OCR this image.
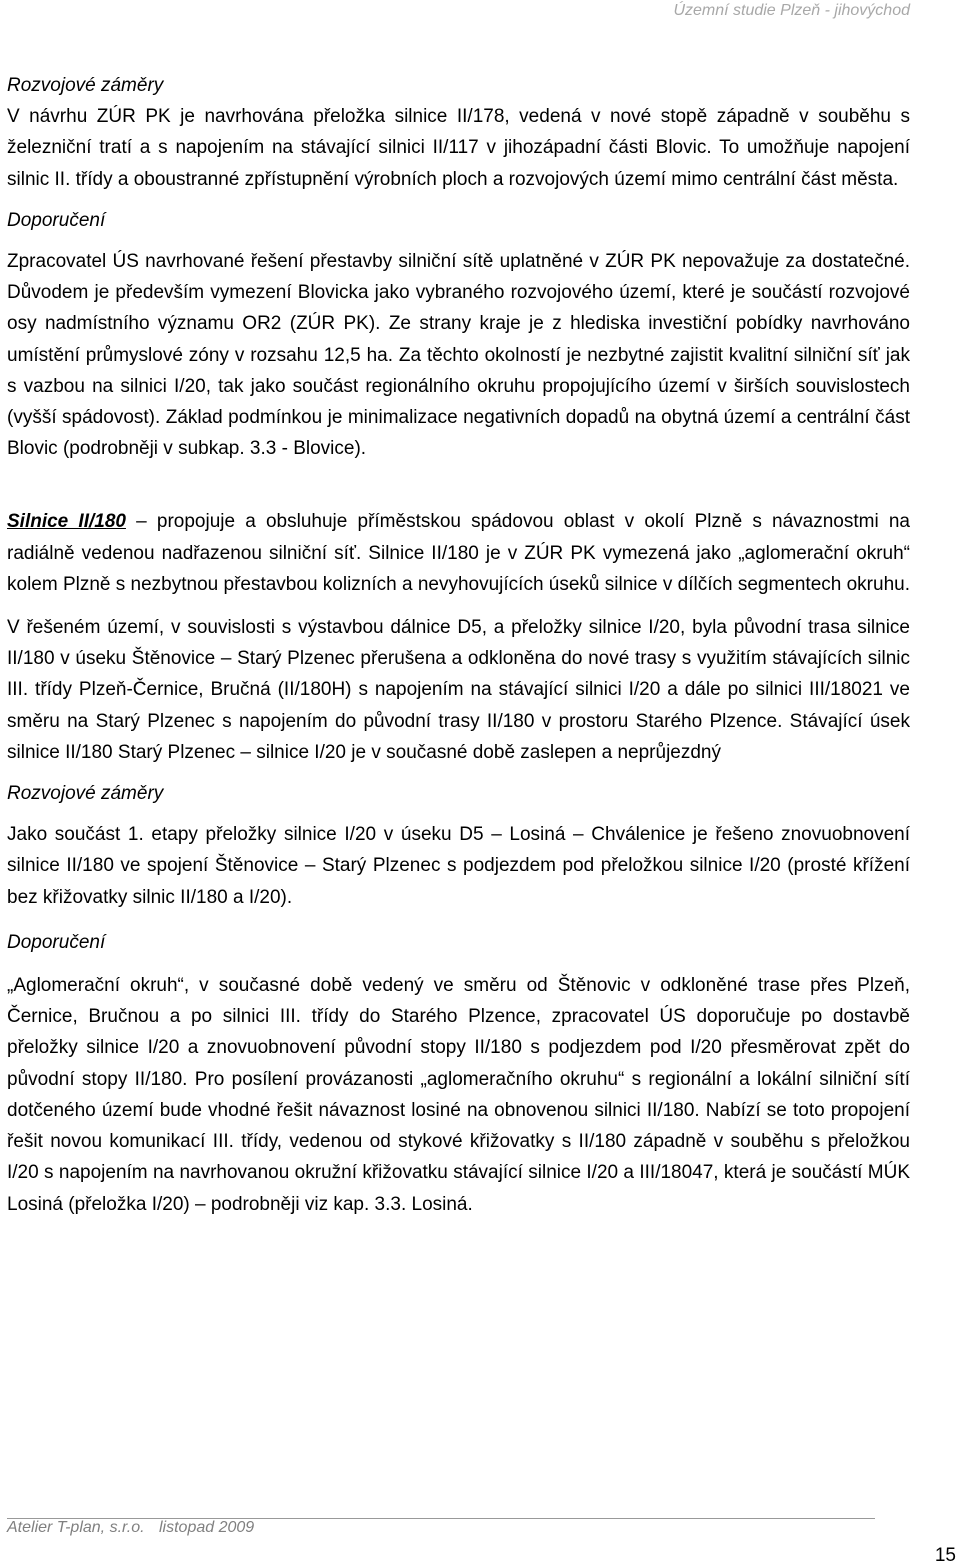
Územní studie Plzeň - jihovýchod

Rozvojové záměry

V návrhu ZÚR PK je navrhována přeložka silnice II/178, vedená v nové stopě západně v souběhu s železniční tratí a s napojením na stávající silnici II/117 v jihozápadní části Blovic. To umožňuje napojení silnic II. třídy a oboustranné zpřístupnění výrobních ploch a rozvojových území mimo centrální část města.

Doporučení

Zpracovatel ÚS navrhované řešení přestavby silniční sítě uplatněné v ZÚR PK nepovažuje za dostatečné. Důvodem je především vymezení Blovicka jako vybraného rozvojového území, které je součástí rozvojové osy nadmístního významu OR2 (ZÚR PK). Ze strany kraje je z hlediska investiční pobídky navrhováno umístění průmyslové zóny v rozsahu 12,5 ha. Za těchto okolností je nezbytné zajistit kvalitní silniční síť jak s vazbou na silnici I/20, tak jako součást regionálního okruhu propojujícího území v širších souvislostech (vyšší spádovost). Základ podmínkou je minimalizace negativních dopadů na obytná území a centrální část Blovic (podrobněji v subkap. 3.3 - Blovice).

Silnice II/180 – propojuje a obsluhuje příměstskou spádovou oblast v okolí Plzně s návaznostmi na radiálně vedenou nadřazenou silniční síť. Silnice II/180 je v ZÚR PK vymezená jako „aglomerační okruh“ kolem Plzně s nezbytnou přestavbou kolizních a nevyhovujících úseků silnice v dílčích segmentech okruhu.

V řešeném území, v souvislosti s výstavbou dálnice D5, a přeložky silnice I/20, byla původní trasa silnice II/180 v úseku Štěnovice – Starý Plzenec přerušena a odkloněna do nové trasy s využitím stávajících silnic III. třídy Plzeň-Černice, Bručná (II/180H) s napojením na stávající silnici I/20 a dále po silnici III/18021 ve směru na Starý Plzenec s napojením do původní trasy II/180 v prostoru Starého Plzence. Stávající úsek silnice II/180 Starý Plzenec – silnice I/20 je v současné době zaslepen a neprůjezdný

Rozvojové záměry

Jako součást 1. etapy přeložky silnice I/20 v úseku D5 – Losiná – Chválenice je řešeno znovuobnovení silnice II/180 ve spojení Štěnovice – Starý Plzenec s podjezdem pod přeložkou silnice I/20 (prosté křížení bez křižovatky silnic II/180 a I/20).

Doporučení

„Aglomerační okruh“, v současné době vedený ve směru od Štěnovic v odkloněné trase přes Plzeň, Černice, Bručnou a po silnici III. třídy do Starého Plzence, zpracovatel ÚS doporučuje po dostavbě přeložky silnice I/20 a znovuobnovení původní stopy II/180 s podjezdem pod I/20 přesměrovat zpět do původní stopy II/180. Pro posílení provázanosti „aglomeračního okruhu“ s regionální a lokální silniční sítí dotčeného území bude vhodné řešit návaznost losiné na obnovenou silnici II/180. Nabízí se toto propojení řešit novou komunikací III. třídy, vedenou od stykové křižovatky s II/180 západně v souběhu s přeložkou I/20 s napojením na navrhovanou okružní křižovatku stávající silnice I/20 a III/18047, která je součástí MÚK Losiná (přeložka I/20) – podrobněji viz kap. 3.3. Losiná.

Atelier T-plan, s.r.o. listopad 2009
15
